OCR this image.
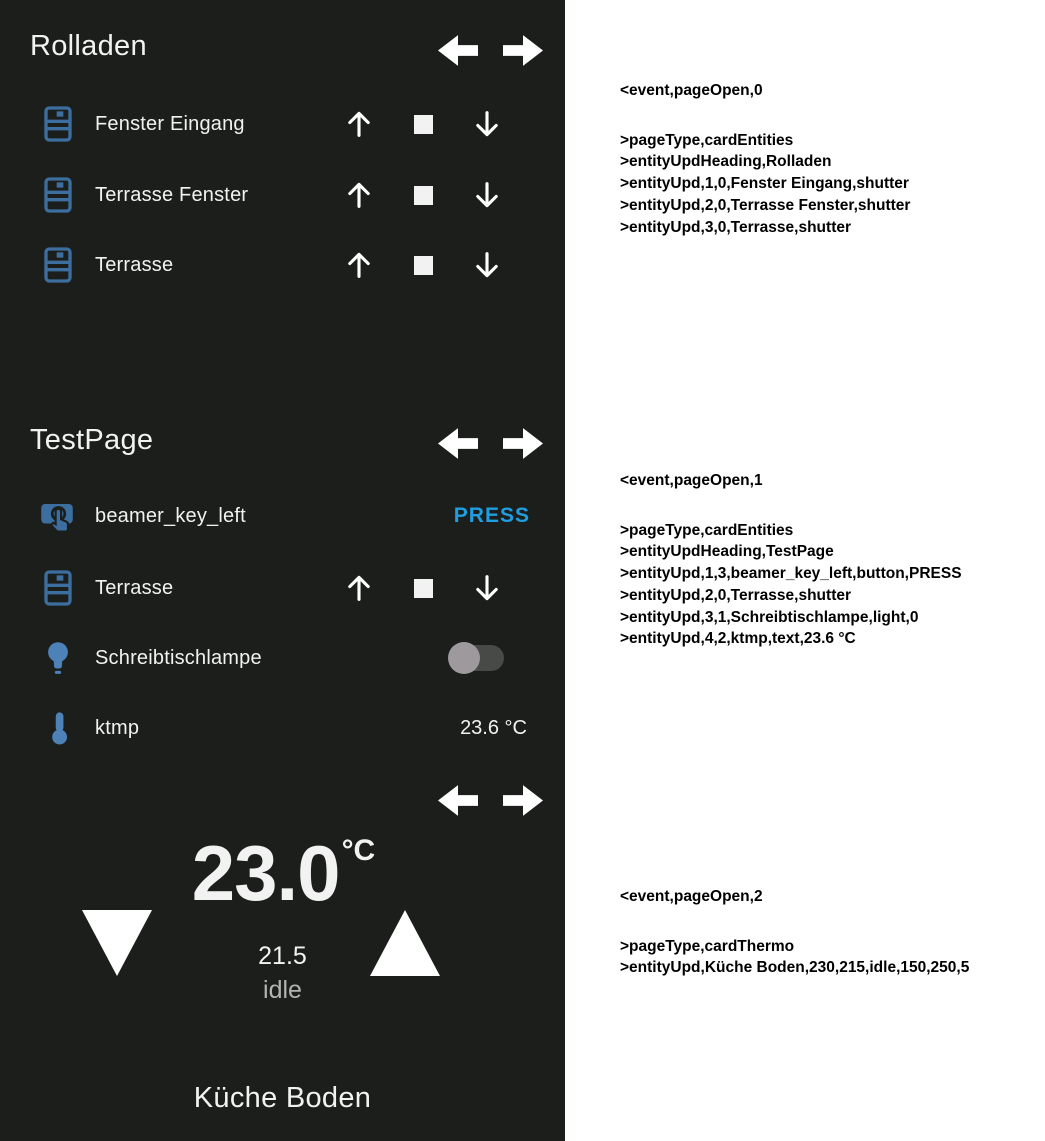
Rolladen
Fenster Eingang
Terrasse Fenster
Terrasse
TestPage
beamer_key_left	PRESS
Terrasse
Schreibtischlampe
ktmp	23.6 °C
23.0°C
21.5
idle
Küche Boden
<event,pageOpen,0
>pageType,cardEntities
>entityUpdHeading,Rolladen
>entityUpd,1,0,Fenster Eingang,shutter
>entityUpd,2,0,Terrasse Fenster,shutter
>entityUpd,3,0,Terrasse,shutter
<event,pageOpen,1
>pageType,cardEntities
>entityUpdHeading,TestPage
>entityUpd,1,3,beamer_key_left,button,PRESS
>entityUpd,2,0,Terrasse,shutter
>entityUpd,3,1,Schreibtischlampe,light,0
>entityUpd,4,2,ktmp,text,23.6 °C
<event,pageOpen,2
>pageType,cardThermo
>entityUpd,Küche Boden,230,215,idle,150,250,5
